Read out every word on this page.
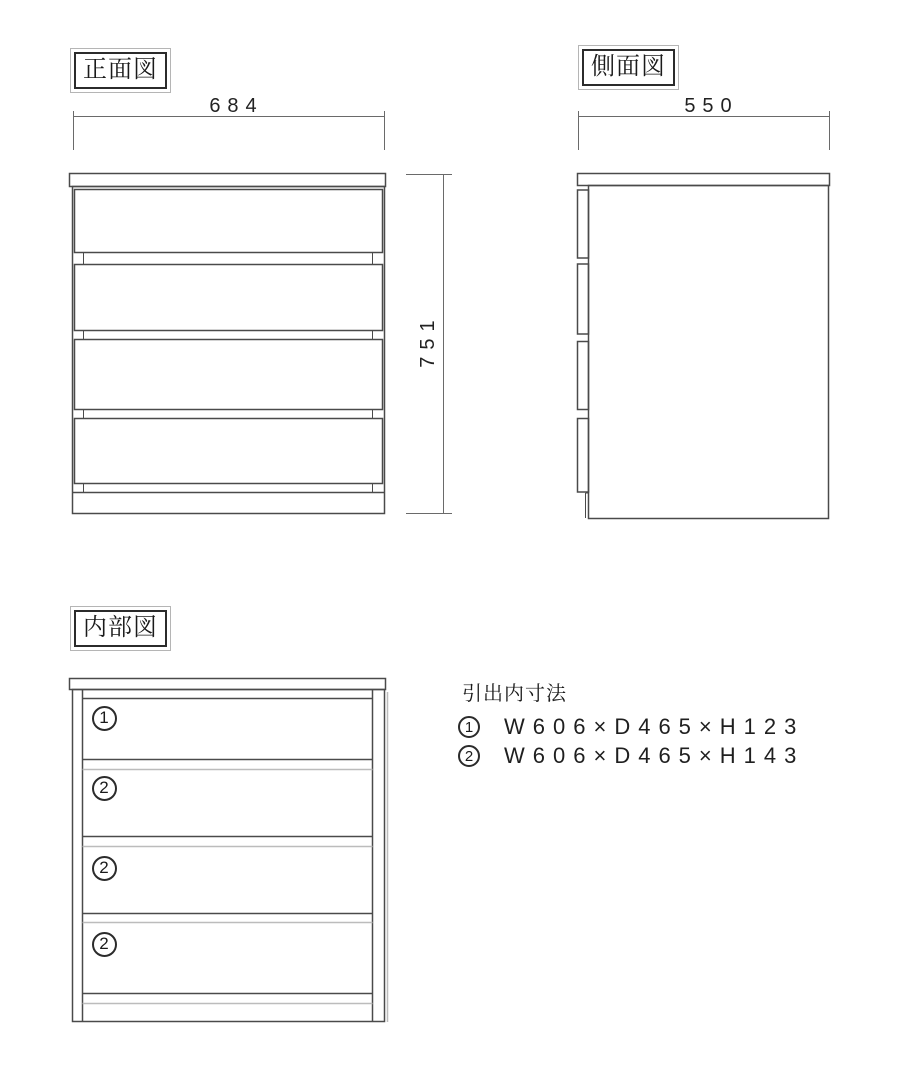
正面図	側面図
内部図
684	550
751
1
2
2
2
引出内寸法
1	W606×D465×H123
2	W606×D465×H143
